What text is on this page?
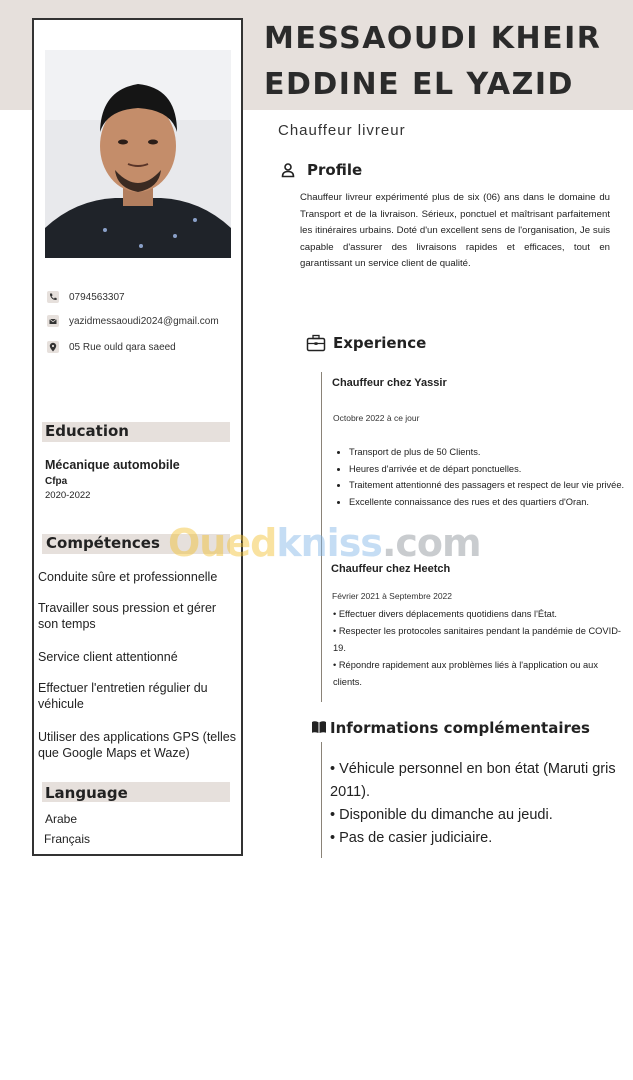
MESSAOUDI KHEIR
EDDINE EL YAZID
0794563307
yazidmessaoudi2024@gmail.com
05 Rue ould qara saeed
Education
Mécanique automobile
Cfpa
2020-2022
Compétences
Conduite sûre et professionnelle
Travailler sous pression et gérer son temps
Service client attentionné
Effectuer l'entretien régulier du véhicule
Utiliser des applications GPS (telles que Google Maps et Waze)
Language
Arabe
Français
Chauffeur livreur
Profile
Chauffeur livreur expérimenté plus de six (06) ans dans le domaine du Transport et de la livraison. Sérieux, ponctuel et maîtrisant parfaitement les itinéraires urbains. Doté d'un excellent sens de l'organisation, Je suis capable d'assurer des livraisons rapides et efficaces, tout en garantissant un service client de qualité.
Experience
Chauffeur chez Yassir
Octobre 2022 à ce jour
• Transport de plus de 50 Clients.
• Heures d'arrivée et de départ ponctuelles.
• Traitement attentionné des passagers et respect de leur vie privée.
• Excellente connaissance des rues et des quartiers d'Oran.
Chauffeur chez Heetch
Février 2021 à Septembre 2022
• Effectuer divers déplacements quotidiens dans l'État.
• Respecter les protocoles sanitaires pendant la pandémie de COVID-19.
• Répondre rapidement aux problèmes liés à l'application ou aux clients.
Informations complémentaires
• Véhicule personnel en bon état (Maruti gris 2011).
• Disponible du dimanche au jeudi.
• Pas de casier judiciaire.
Ouedkniss.com
